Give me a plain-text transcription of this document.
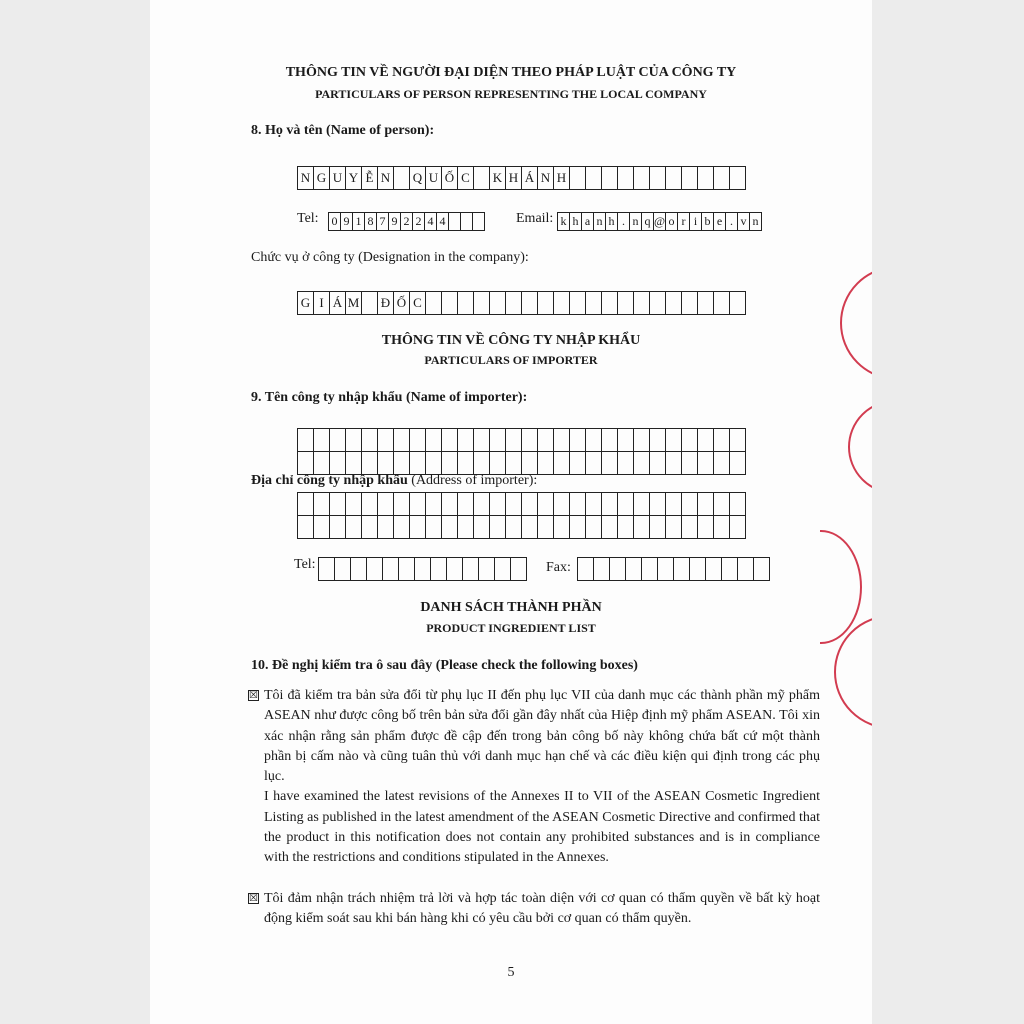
THÔNG TIN VỀ NGƯỜI ĐẠI DIỆN THEO PHÁP LUẬT CỦA CÔNG TY
PARTICULARS OF PERSON REPRESENTING THE LOCAL COMPANY
8. Họ và tên (Name of person):
N G U Y Ễ N Q U Ố C	K H Á N H
Tel: 0 9 1 8 7 9 2 2 4 4	Email: k h a n h . n q @ o r i b e . v n
Chức vụ ở công ty (Designation in the company):
G I Á M Đ Ố C
THÔNG TIN VỀ CÔNG TY NHẬP KHẨU
PARTICULARS OF IMPORTER
9. Tên công ty nhập khẩu (Name of importer):
Địa chỉ công ty nhập khẩu (Address of importer):
Tel:	Fax:
DANH SÁCH THÀNH PHẦN
PRODUCT INGREDIENT LIST
10. Đề nghị kiểm tra ô sau đây (Please check the following boxes)
☒ Tôi đã kiểm tra bản sửa đổi từ phụ lục II đến phụ lục VII của danh mục các thành phần mỹ phẩm ASEAN như được công bố trên bản sửa đổi gần đây nhất của Hiệp định mỹ phẩm ASEAN. Tôi xin xác nhận rằng sản phẩm được đề cập đến trong bản công bố này không chứa bất cứ một thành phần bị cấm nào và cũng tuân thủ với danh mục hạn chế và các điều kiện qui định trong các phụ lục.
I have examined the latest revisions of the Annexes II to VII of the ASEAN Cosmetic Ingredient Listing as published in the latest amendment of the ASEAN Cosmetic Directive and confirmed that the product in this notification does not contain any prohibited substances and is in compliance with the restrictions and conditions stipulated in the Annexes.
☒ Tôi đảm nhận trách nhiệm trả lời và hợp tác toàn diện với cơ quan có thẩm quyền về bất kỳ hoạt động kiểm soát sau khi bán hàng khi có yêu cầu bởi cơ quan có thẩm quyền.
5
